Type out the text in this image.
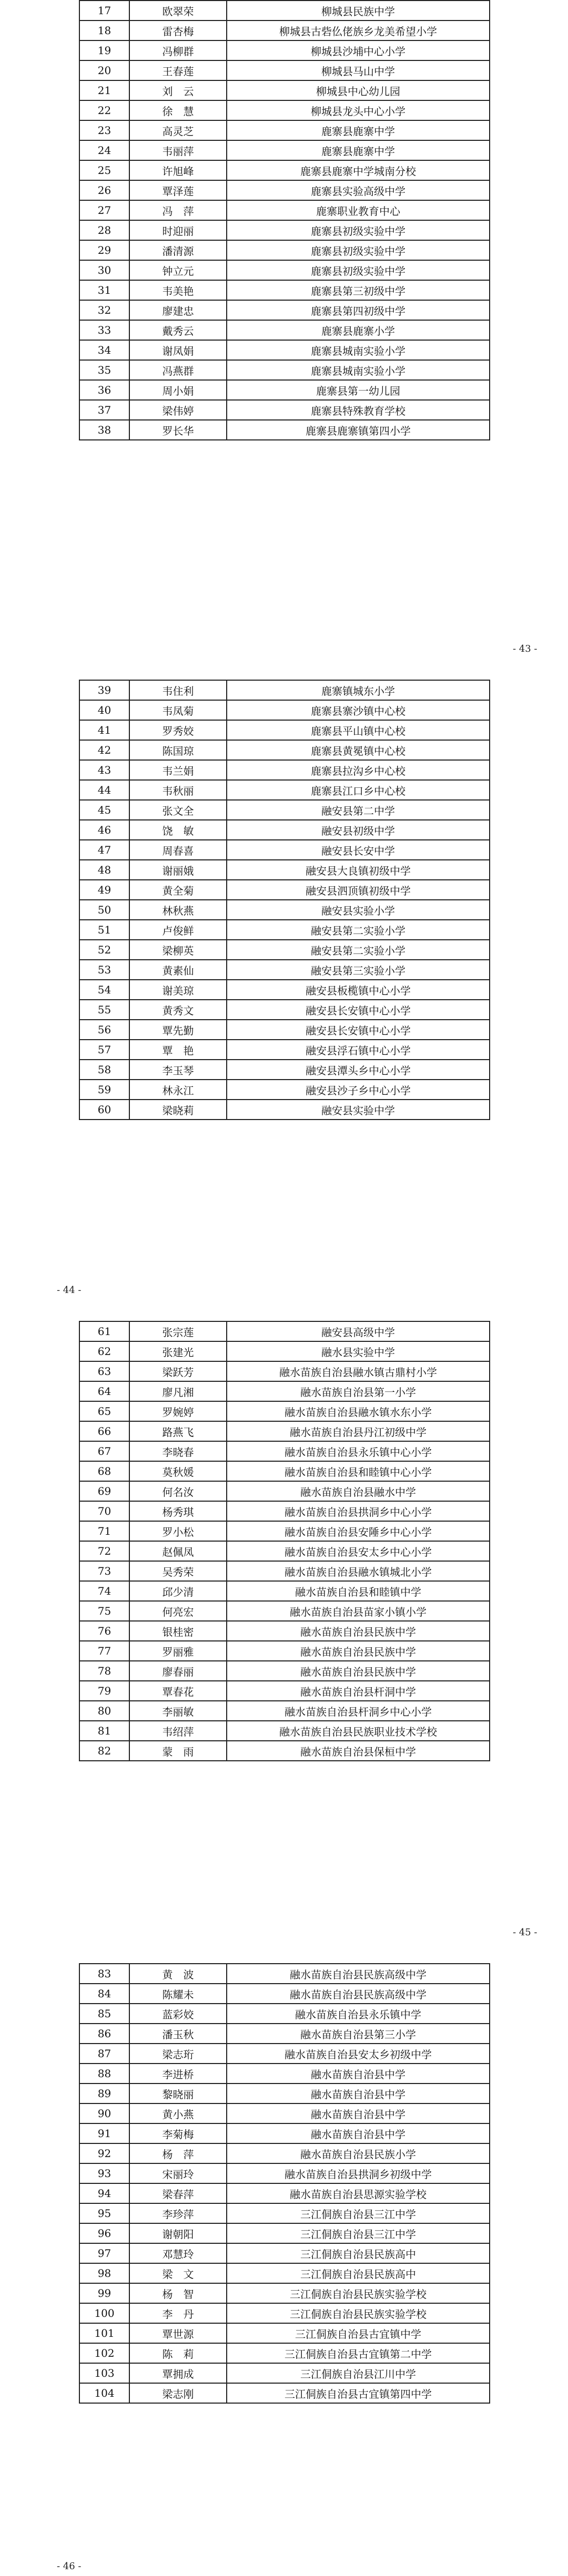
17	欧翠荣	柳城县民族中学
18	雷杏梅	柳城县古砦仫佬族乡龙美希望小学
19	冯柳群	柳城县沙埔中心小学
20	王春莲	柳城县马山中学
21	刘　云	柳城县中心幼儿园
22	徐　慧	柳城县龙头中心小学
23	高灵芝	鹿寨县鹿寨中学
24	韦丽萍	鹿寨县鹿寨中学
25	许旭峰	鹿寨县鹿寨中学城南分校
26	覃泽莲	鹿寨县实验高级中学
27	冯　萍	鹿寨职业教育中心
28	时迎丽	鹿寨县初级实验中学
29	潘清源	鹿寨县初级实验中学
30	钟立元	鹿寨县初级实验中学
31	韦美艳	鹿寨县第三初级中学
32	廖建忠	鹿寨县第四初级中学
33	戴秀云	鹿寨县鹿寨小学
34	谢凤娟	鹿寨县城南实验小学
35	冯燕群	鹿寨县城南实验小学
36	周小娟	鹿寨县第一幼儿园
37	梁伟婷	鹿寨县特殊教育学校
38	罗长华	鹿寨县鹿寨镇第四小学
- 43 -
39	韦住利	鹿寨镇城东小学
40	韦凤菊	鹿寨县寨沙镇中心校
41	罗秀姣	鹿寨县平山镇中心校
42	陈国琼	鹿寨县黄冕镇中心校
43	韦兰娟	鹿寨县拉沟乡中心校
44	韦秋丽	鹿寨县江口乡中心校
45	张文全	融安县第二中学
46	饶　敏	融安县初级中学
47	周春喜	融安县长安中学
48	谢丽娥	融安县大良镇初级中学
49	黄全菊	融安县泗顶镇初级中学
50	林秋燕	融安县实验小学
51	卢俊鲜	融安县第二实验小学
52	梁柳英	融安县第二实验小学
53	黄素仙	融安县第三实验小学
54	谢美琼	融安县板榄镇中心小学
55	黄秀文	融安县长安镇中心小学
56	覃先勤	融安县长安镇中心小学
57	覃　艳	融安县浮石镇中心小学
58	李玉琴	融安县潭头乡中心小学
59	林永江	融安县沙子乡中心小学
60	梁晓莉	融安县实验中学
- 44 -
61	张宗莲	融安县高级中学
62	张建光	融水县实验中学
63	梁跃芳	融水苗族自治县融水镇古鼎村小学
64	廖凡湘	融水苗族自治县第一小学
65	罗婉婷	融水苗族自治县融水镇水东小学
66	路燕飞	融水苗族自治县丹江初级中学
67	李晓春	融水苗族自治县永乐镇中心小学
68	莫秋媛	融水苗族自治县和睦镇中心小学
69	何名汝	融水苗族自治县融水中学
70	杨秀琪	融水苗族自治县拱洞乡中心小学
71	罗小松	融水苗族自治县安陲乡中心小学
72	赵佩凤	融水苗族自治县安太乡中心小学
73	吴秀荣	融水苗族自治县融水镇城北小学
74	邱少清	融水苗族自治县和睦镇中学
75	何亮宏	融水苗族自治县苗家小镇小学
76	银桂密	融水苗族自治县民族中学
77	罗丽雅	融水苗族自治县民族中学
78	廖春丽	融水苗族自治县民族中学
79	覃春花	融水苗族自治县杆洞中学
80	李丽敏	融水苗族自治县杆洞乡中心小学
81	韦绍萍	融水苗族自治县民族职业技术学校
82	蒙　雨	融水苗族自治县保桓中学
- 45 -
83	黄　波	融水苗族自治县民族高级中学
84	陈耀未	融水苗族自治县民族高级中学
85	蓝彩姣	融水苗族自治县永乐镇中学
86	潘玉秋	融水苗族自治县第三小学
87	梁志珩	融水苗族自治县安太乡初级中学
88	李进桥	融水苗族自治县中学
89	黎晓丽	融水苗族自治县中学
90	黄小燕	融水苗族自治县中学
91	李菊梅	融水苗族自治县中学
92	杨　萍	融水苗族自治县民族小学
93	宋丽玲	融水苗族自治县拱洞乡初级中学
94	梁春萍	融水苗族自治县思源实验学校
95	李珍萍	三江侗族自治县三江中学
96	谢朝阳	三江侗族自治县三江中学
97	邓慧玲	三江侗族自治县民族高中
98	梁　文	三江侗族自治县民族高中
99	杨　智	三江侗族自治县民族实验学校
100	李　丹	三江侗族自治县民族实验学校
101	覃世源	三江侗族自治县古宜镇中学
102	陈　莉	三江侗族自治县古宜镇第二中学
103	覃拥成	三江侗族自治县江川中学
104	梁志刚	三江侗族自治县古宜镇第四中学
- 46 -
